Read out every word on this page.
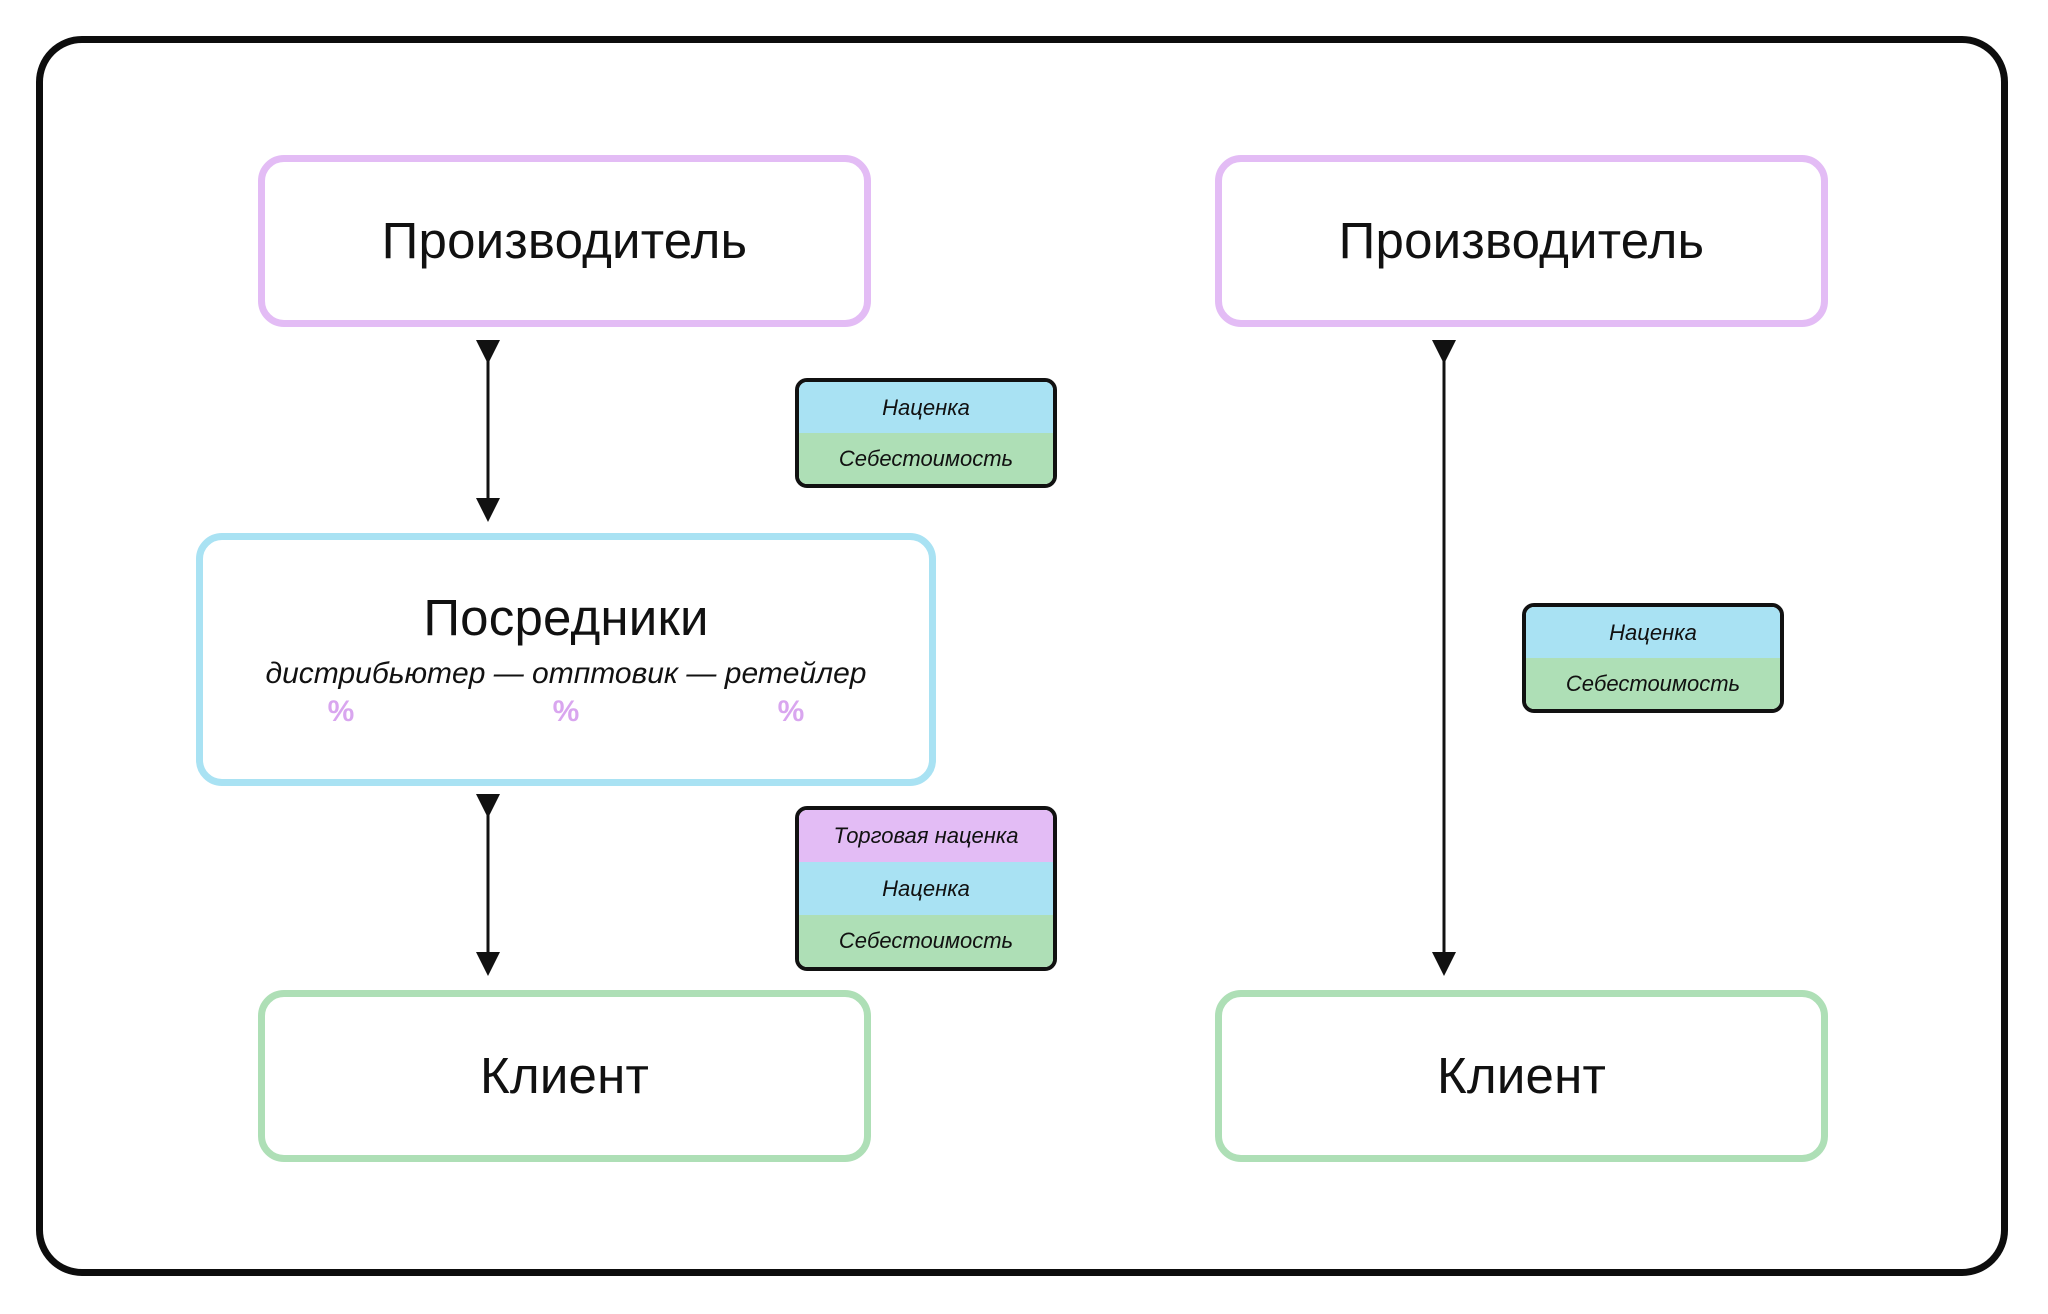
Производитель
Посредники
дистрибьютер — отптовик — ретейлер
%	%	%
Клиент
Производитель
Клиент
Наценка
Себестоимость
Торговая наценка
Наценка
Себестоимость
Наценка
Себестоимость
